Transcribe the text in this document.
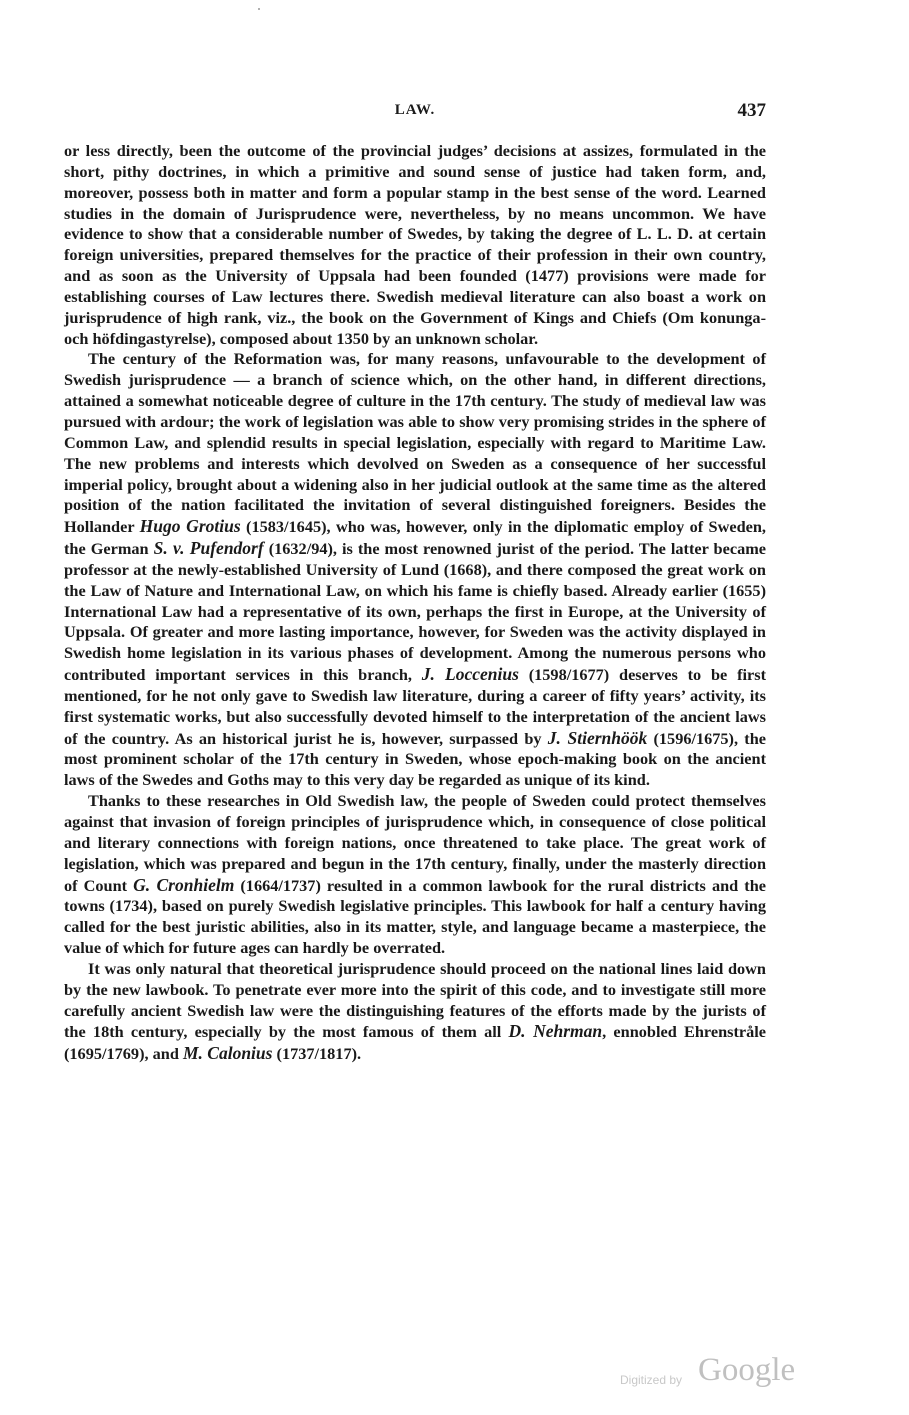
LAW.	437

or less directly, been the outcome of the provincial judges’ decisions at assizes, formulated in the short, pithy doctrines, in which a primitive and sound sense of justice had taken form, and, moreover, possess both in matter and form a popular stamp in the best sense of the word. Learned studies in the domain of Jurisprudence were, nevertheless, by no means uncommon. We have evidence to show that a considerable number of Swedes, by taking the degree of L. L. D. at certain foreign universities, prepared themselves for the practice of their profession in their own country, and as soon as the University of Uppsala had been founded (1477) provisions were made for establishing courses of Law lectures there. Swedish medieval literature can also boast a work on jurisprudence of high rank, viz., the book on the Government of Kings and Chiefs (Om konunga- och höfdingastyrelse), composed about 1350 by an unknown scholar.

The century of the Reformation was, for many reasons, unfavourable to the development of Swedish jurisprudence — a branch of science which, on the other hand, in different directions, attained a somewhat noticeable degree of culture in the 17th century. The study of medieval law was pursued with ardour; the work of legislation was able to show very promising strides in the sphere of Common Law, and splendid results in special legislation, especially with regard to Maritime Law. The new problems and interests which devolved on Sweden as a consequence of her successful imperial policy, brought about a widening also in her judicial outlook at the same time as the altered position of the nation facilitated the invitation of several distinguished foreigners. Besides the Hollander Hugo Grotius (1583/1645), who was, however, only in the diplomatic employ of Sweden, the German S. v. Pufendorf (1632/94), is the most renowned jurist of the period. The latter became professor at the newly-established University of Lund (1668), and there composed the great work on the Law of Nature and International Law, on which his fame is chiefly based. Already earlier (1655) International Law had a representative of its own, perhaps the first in Europe, at the University of Uppsala. Of greater and more lasting importance, however, for Sweden was the activity displayed in Swedish home legislation in its various phases of development. Among the numerous persons who contributed important services in this branch, J. Loccenius (1598/1677) deserves to be first mentioned, for he not only gave to Swedish law literature, during a career of fifty years’ activity, its first systematic works, but also successfully devoted himself to the interpretation of the ancient laws of the country. As an historical jurist he is, however, surpassed by J. Stiernhöök (1596/1675), the most prominent scholar of the 17th century in Sweden, whose epoch-making book on the ancient laws of the Swedes and Goths may to this very day be regarded as unique of its kind.

Thanks to these researches in Old Swedish law, the people of Sweden could protect themselves against that invasion of foreign principles of jurisprudence which, in consequence of close political and literary connections with foreign nations, once threatened to take place. The great work of legislation, which was prepared and begun in the 17th century, finally, under the masterly direction of Count G. Cronhielm (1664/1737) resulted in a common lawbook for the rural districts and the towns (1734), based on purely Swedish legislative principles. This lawbook for half a century having called for the best juristic abilities, also in its matter, style, and language became a masterpiece, the value of which for future ages can hardly be overrated.

It was only natural that theoretical jurisprudence should proceed on the national lines laid down by the new lawbook. To penetrate ever more into the spirit of this code, and to investigate still more carefully ancient Swedish law were the distinguishing features of the efforts made by the jurists of the 18th century, especially by the most famous of them all D. Nehrman, ennobled Ehrenstråle (1695/1769), and M. Calonius (1737/1817).

Digitized by Google
